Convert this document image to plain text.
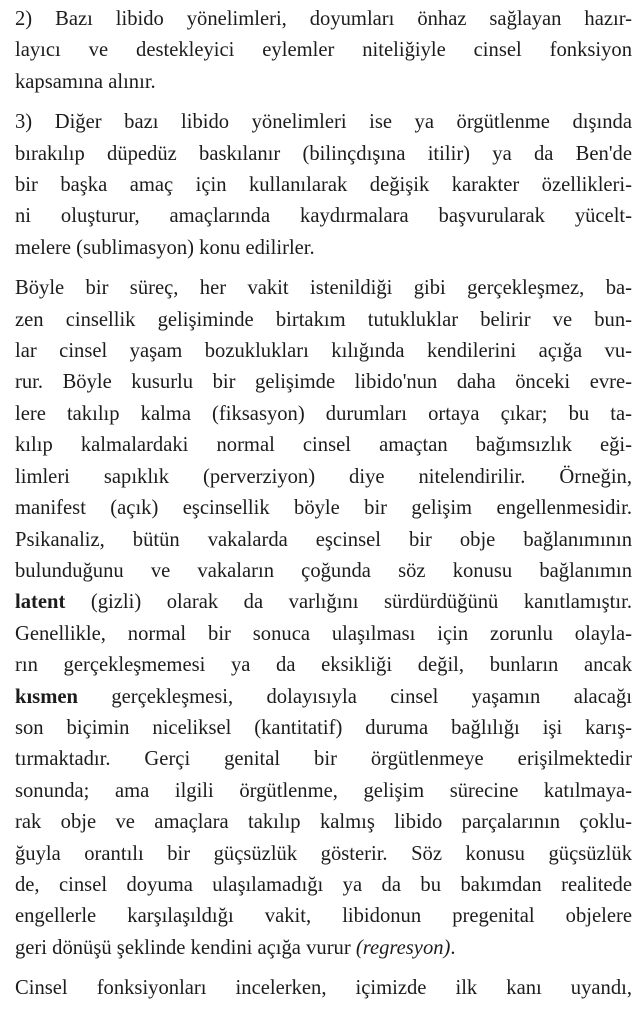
2) Bazı libido yönelimleri, doyumları önhaz sağlayan hazır-
layıcı ve destekleyici eylemler niteliğiyle cinsel fonksiyon
kapsamına alınır.

3) Diğer bazı libido yönelimleri ise ya örgütlenme dışında
bırakılıp düpedüz baskılanır (bilinçdışına itilir) ya da Ben'de
bir başka amaç için kullanılarak değişik karakter özellikleri-
ni oluşturur, amaçlarında kaydırmalara başvurularak yücelt-
melere (sublimasyon) konu edilirler.

Böyle bir süreç, her vakit istenildiği gibi gerçekleşmez, ba-
zen cinsellik gelişiminde birtakım tutukluklar belirir ve bun-
lar cinsel yaşam bozuklukları kılığında kendilerini açığa vu-
rur. Böyle kusurlu bir gelişimde libido'nun daha önceki evre-
lere takılıp kalma (fiksasyon) durumları ortaya çıkar; bu ta-
kılıp kalmalardaki normal cinsel amaçtan bağımsızlık eği-
limleri sapıklık (perverziyon) diye nitelendirilir. Örneğin,
manifest (açık) eşcinsellik böyle bir gelişim engellenmesidir.
Psikanaliz, bütün vakalarda eşcinsel bir obje bağlanımının
bulunduğunu ve vakaların çoğunda söz konusu bağlanımın
latent (gizli) olarak da varlığını sürdürdüğünü kanıtlamıştır.
Genellikle, normal bir sonuca ulaşılması için zorunlu olayla-
rın gerçekleşmemesi ya da eksikliği değil, bunların ancak
kısmen gerçekleşmesi, dolayısıyla cinsel yaşamın alacağı
son biçimin niceliksel (kantitatif) duruma bağlılığı işi karış-
tırmaktadır. Gerçi genital bir örgütlenmeye erişilmektedir
sonunda; ama ilgili örgütlenme, gelişim sürecine katılmaya-
rak obje ve amaçlara takılıp kalmış libido parçalarının çoklu-
ğuyla orantılı bir güçsüzlük gösterir. Söz konusu güçsüzlük
de, cinsel doyuma ulaşılamadığı ya da bu bakımdan realitede
engellerle karşılaşıldığı vakit, libidonun pregenital objelere
geri dönüşü şeklinde kendini açığa vurur (regresyon).

Cinsel fonksiyonları incelerken, içimizde ilk kanı uyandı,
